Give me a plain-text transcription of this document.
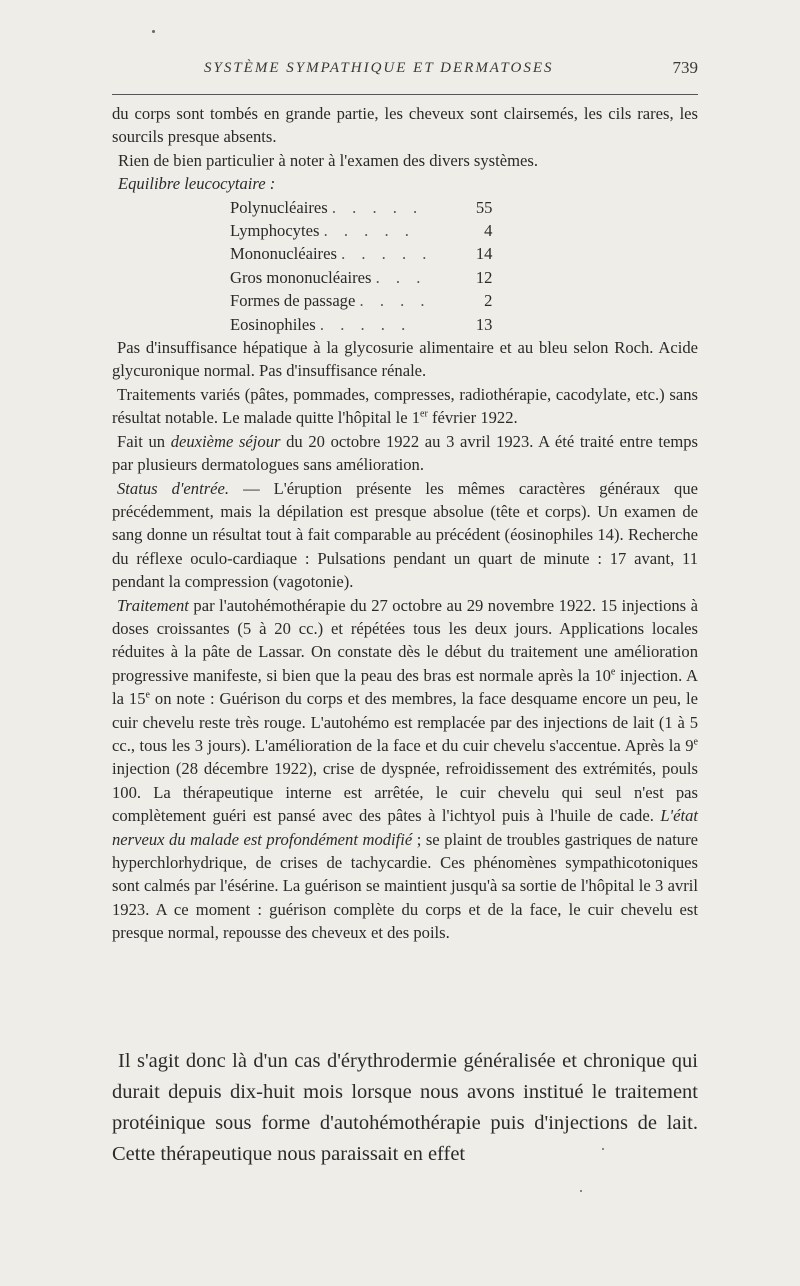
SYSTÈME SYMPATHIQUE ET DERMATOSES	739

du corps sont tombés en grande partie, les cheveux sont clairsemés, les cils rares, les sourcils presque absents.

Rien de bien particulier à noter à l'examen des divers systèmes.

Equilibre leucocytaire :

Polynucléaires . . . . .	55
Lymphocytes . . . . .	4
Mononucléaires . . . . .	14
Gros mononucléaires . . .	12
Formes de passage . . . .	2
Eosinophiles . . . . .	13

Pas d'insuffisance hépatique à la glycosurie alimentaire et au bleu selon Roch. Acide glycuronique normal. Pas d'insuffisance rénale.

Traitements variés (pâtes, pommades, compresses, radiothérapie, cacodylate, etc.) sans résultat notable. Le malade quitte l'hôpital le 1er février 1922.

Fait un deuxième séjour du 20 octobre 1922 au 3 avril 1923. A été traité entre temps par plusieurs dermatologues sans amélioration.

Status d'entrée. — L'éruption présente les mêmes caractères généraux que précédemment, mais la dépilation est presque absolue (tête et corps). Un examen de sang donne un résultat tout à fait comparable au précédent (éosinophiles 14). Recherche du réflexe oculo-cardiaque : Pulsations pendant un quart de minute : 17 avant, 11 pendant la compression (vagotonie).

Traitement par l'autohémothérapie du 27 octobre au 29 novembre 1922. 15 injections à doses croissantes (5 à 20 cc.) et répétées tous les deux jours. Applications locales réduites à la pâte de Lassar. On constate dès le début du traitement une amélioration progressive manifeste, si bien que la peau des bras est normale après la 10e injection. A la 15e on note : Guérison du corps et des membres, la face desquame encore un peu, le cuir chevelu reste très rouge. L'autohémo est remplacée par des injections de lait (1 à 5 cc., tous les 3 jours). L'amélioration de la face et du cuir chevelu s'accentue. Après la 9e injection (28 décembre 1922), crise de dyspnée, refroidissement des extrémités, pouls 100. La thérapeutique interne est arrêtée, le cuir chevelu qui seul n'est pas complètement guéri est pansé avec des pâtes à l'ichtyol puis à l'huile de cade. L'état nerveux du malade est profondément modifié ; se plaint de troubles gastriques de nature hyperchlorhydrique, de crises de tachycardie. Ces phénomènes sympathicotoniques sont calmés par l'ésérine. La guérison se maintient jusqu'à sa sortie de l'hôpital le 3 avril 1923. A ce moment : guérison complète du corps et de la face, le cuir chevelu est presque normal, repousse des cheveux et des poils.

Il s'agit donc là d'un cas d'érythrodermie généralisée et chronique qui durait depuis dix-huit mois lorsque nous avons institué le traitement protéinique sous forme d'autohémothérapie puis d'injections de lait. Cette thérapeutique nous paraissait en effet
